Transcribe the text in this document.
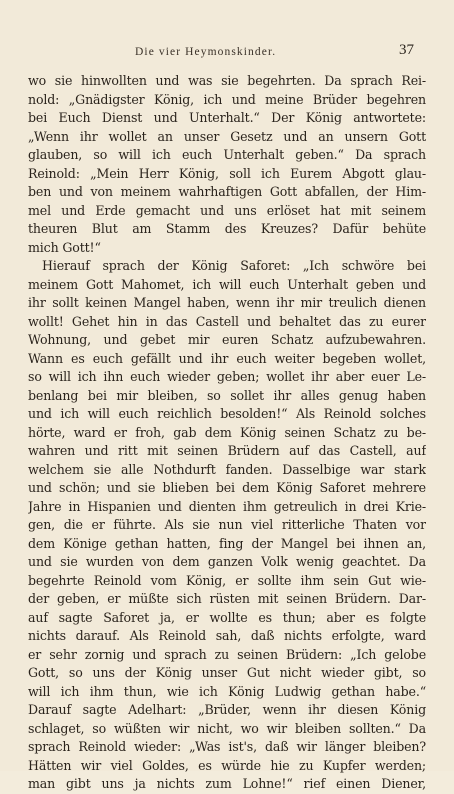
Die vier Heymonskinder.	37
wo sie hinwollten und was sie begehrten. Da sprach Rei-
nold: „Gnädigster König, ich und meine Brüder begehren
bei Euch Dienst und Unterhalt.“ Der König antwortete:
„Wenn ihr wollet an unser Gesetz und an unsern Gott
glauben, so will ich euch Unterhalt geben.“ Da sprach
Reinold: „Mein Herr König, soll ich Eurem Abgott glau-
ben und von meinem wahrhaftigen Gott abfallen, der Him-
mel und Erde gemacht und uns erlöset hat mit seinem
theuren Blut am Stamm des Kreuzes? Dafür behüte
mich Gott!“
Hierauf sprach der König Saforet: „Ich schwöre bei
meinem Gott Mahomet, ich will euch Unterhalt geben und
ihr sollt keinen Mangel haben, wenn ihr mir treulich dienen
wollt! Gehet hin in das Castell und behaltet das zu eurer
Wohnung, und gebet mir euren Schatz aufzubewahren.
Wann es euch gefällt und ihr euch weiter begeben wollet,
so will ich ihn euch wieder geben; wollet ihr aber euer Le-
benlang bei mir bleiben, so sollet ihr alles genug haben
und ich will euch reichlich besolden!“ Als Reinold solches
hörte, ward er froh, gab dem König seinen Schatz zu be-
wahren und ritt mit seinen Brüdern auf das Castell, auf
welchem sie alle Nothdurft fanden. Dasselbige war stark
und schön; und sie blieben bei dem König Saforet mehrere
Jahre in Hispanien und dienten ihm getreulich in drei Krie-
gen, die er führte. Als sie nun viel ritterliche Thaten vor
dem Könige gethan hatten, fing der Mangel bei ihnen an,
und sie wurden von dem ganzen Volk wenig geachtet. Da
begehrte Reinold vom König, er sollte ihm sein Gut wie-
der geben, er müßte sich rüsten mit seinen Brüdern. Dar-
auf sagte Saforet ja, er wollte es thun; aber es folgte
nichts darauf. Als Reinold sah, daß nichts erfolgte, ward
er sehr zornig und sprach zu seinen Brüdern: „Ich gelobe
Gott, so uns der König unser Gut nicht wieder gibt, so
will ich ihm thun, wie ich König Ludwig gethan habe.“
Darauf sagte Adelhart: „Brüder, wenn ihr diesen König
schlaget, so wüßten wir nicht, wo wir bleiben sollten.“ Da
sprach Reinold wieder: „Was ist's, daß wir länger bleiben?
Hätten wir viel Goldes, es würde hie zu Kupfer werden;
man gibt uns ja nichts zum Lohne!“ rief einen Diener,
